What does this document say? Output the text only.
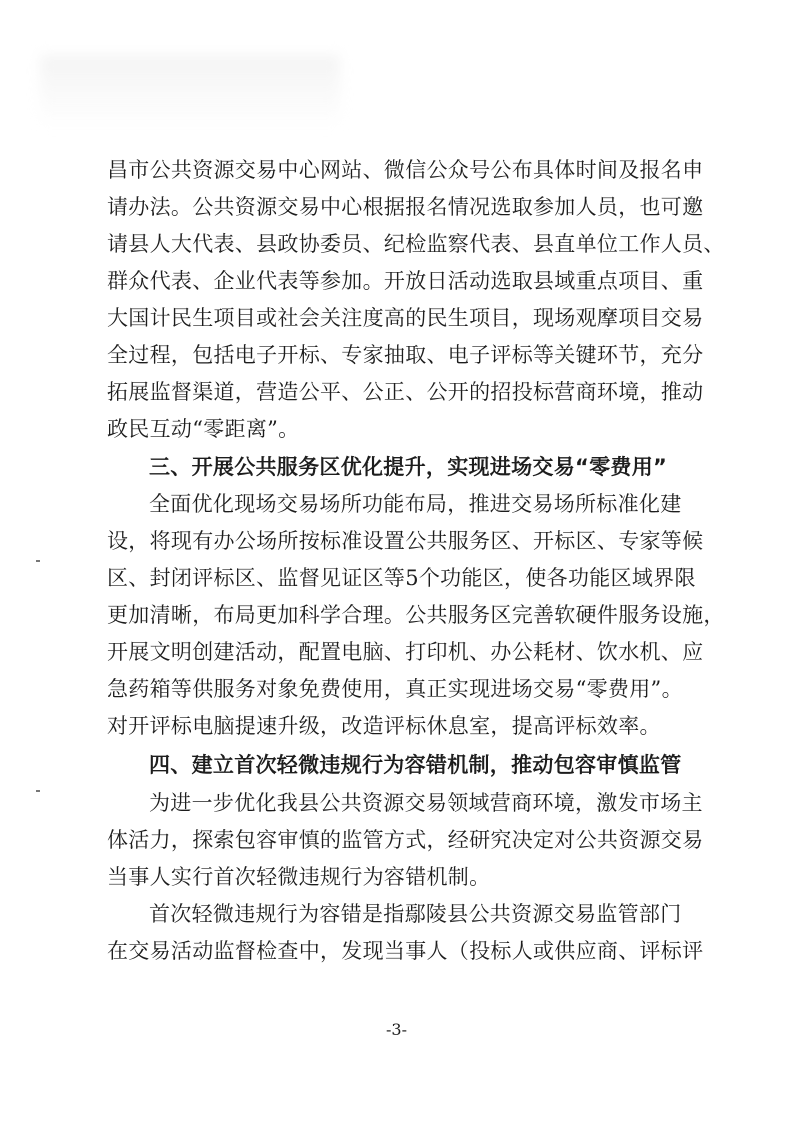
昌市公共资源交易中心网站、微信公众号公布具体时间及报名申
请办法。公共资源交易中心根据报名情况选取参加人员，也可邀
请县人大代表、县政协委员、纪检监察代表、县直单位工作人员、
群众代表、企业代表等参加。开放日活动选取县域重点项目、重
大国计民生项目或社会关注度高的民生项目，现场观摩项目交易
全过程，包括电子开标、专家抽取、电子评标等关键环节，充分
拓展监督渠道，营造公平、公正、公开的招投标营商环境，推动
政民互动“零距离”。
三、开展公共服务区优化提升，实现进场交易“零费用”
全面优化现场交易场所功能布局，推进交易场所标准化建
设，将现有办公场所按标准设置公共服务区、开标区、专家等候
区、封闭评标区、监督见证区等5个功能区，使各功能区域界限
更加清晰，布局更加科学合理。公共服务区完善软硬件服务设施，
开展文明创建活动，配置电脑、打印机、办公耗材、饮水机、应
急药箱等供服务对象免费使用，真正实现进场交易“零费用”。
对开评标电脑提速升级，改造评标休息室，提高评标效率。
四、建立首次轻微违规行为容错机制，推动包容审慎监管
为进一步优化我县公共资源交易领域营商环境，激发市场主
体活力，探索包容审慎的监管方式，经研究决定对公共资源交易
当事人实行首次轻微违规行为容错机制。
首次轻微违规行为容错是指鄢陵县公共资源交易监管部门
在交易活动监督检查中，发现当事人（投标人或供应商、评标评
-3-
